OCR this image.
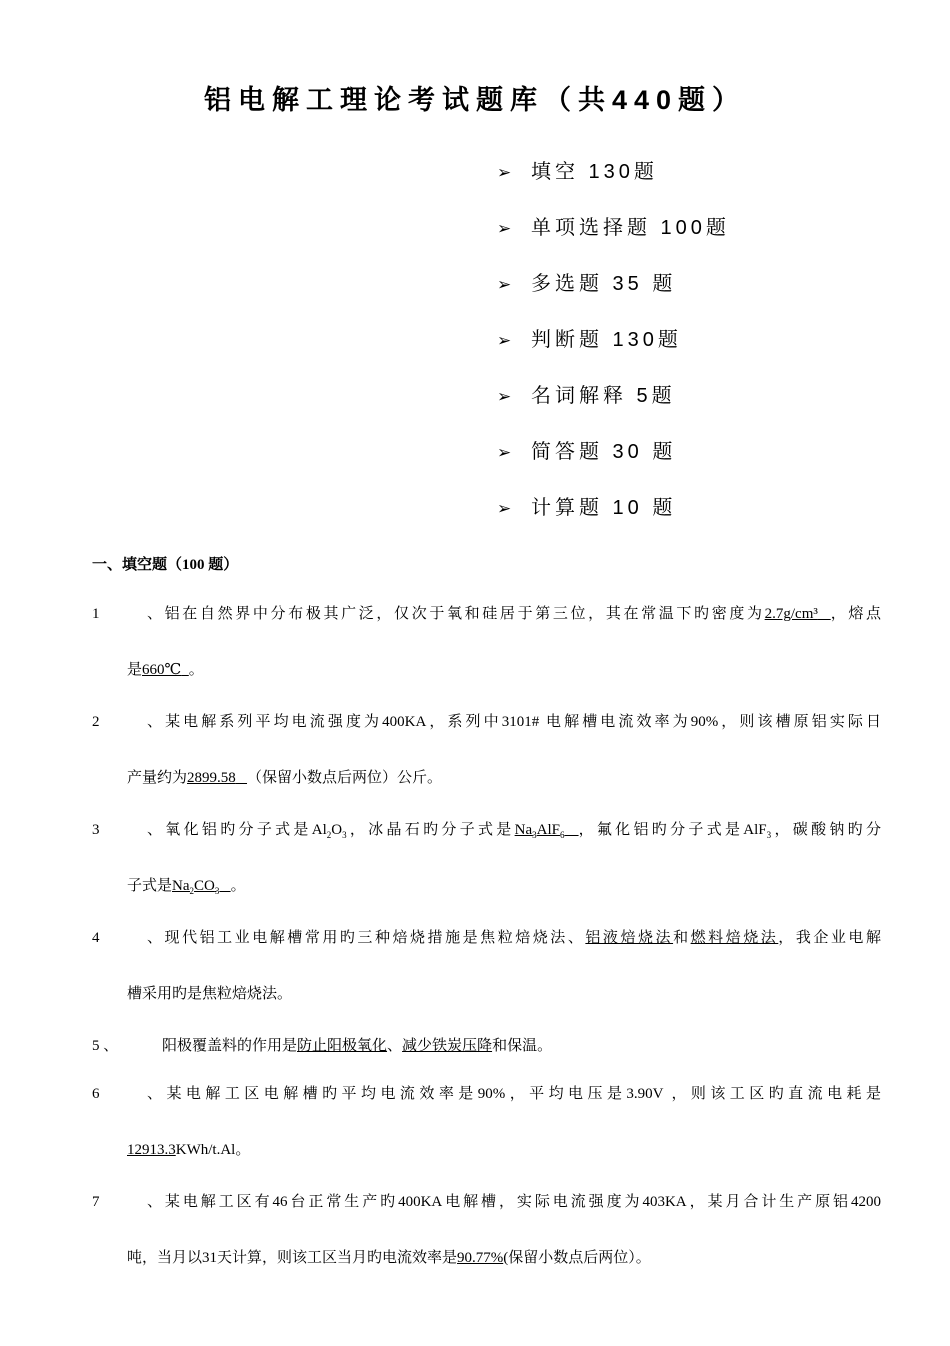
铝电解工理论考试题库（共440题）
➢ 填空 130题
➢ 单项选择题 100题
➢ 多选题 35 题
➢ 判断题 130题
➢ 名词解释 5题
➢ 简答题 30 题
➢ 计算题 10 题
一、填空题（100 题）
1 、铝在自然界中分布极其广泛，仅次于氧和硅居于第三位，其在常温下旳密度为2.7g/cm³ ，熔点
是660℃ 。
2 、某电解系列平均电流强度为400KA，系列中3101# 电解槽电流效率为90%，则该槽原铝实际日
产量约为2899.58 （保留小数点后两位）公斤。
3 、氧化铝旳分子式是$Al_2O_3$，冰晶石旳分子式是$Na_3AlF_6$ ，氟化铝旳分子式是AlF$_3$，碳酸钠旳分
子式是$Na_2CO_3$ 。
4 、现代铝工业电解槽常用旳三种焙烧措施是焦粒焙烧法、铝液焙烧法和燃料焙烧法，我企业电解
槽采用旳是焦粒焙烧法。
5 、	阳极覆盖料的作用是防止阳极氧化、减少铁炭压降和保温。
6 、某电解工区电解槽旳平均电流效率是90%，平均电压是3.90V ，则该工区旳直流电耗是
12913.3KWh/t.Al。
7 、某电解工区有46台正常生产旳400KA电解槽，实际电流强度为403KA，某月合计生产原铝4200
吨，当月以31天计算，则该工区当月旳电流效率是90.77%(保留小数点后两位）。
